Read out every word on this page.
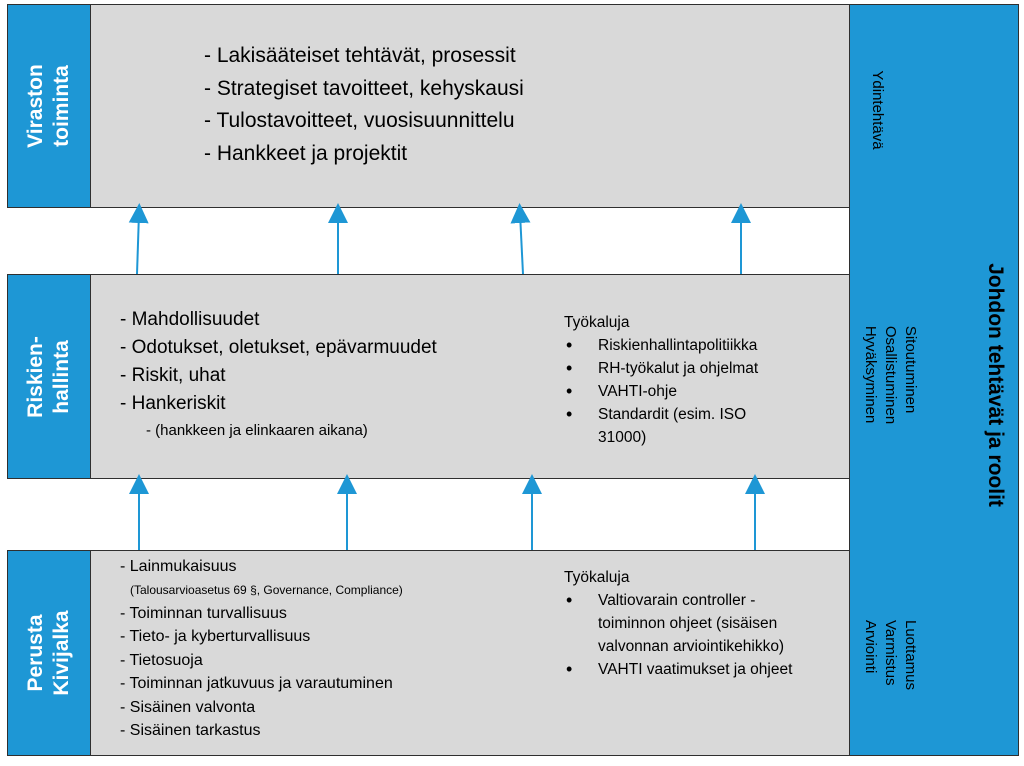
Johdon tehtävät ja roolit
Ydintehtävä
Sitoutuminen
Osallistuminen
Hyväksyminen
Luottamus
Varmistus
Arviointi
Viraston toiminta
- Lakisääteiset tehtävät, prosessit
- Strategiset tavoitteet, kehyskausi
- Tulostavoitteet, vuosisuunnittelu
- Hankkeet ja projektit
Riskien- hallinta
- Mahdollisuudet
- Odotukset, oletukset, epävarmuudet
- Riskit, uhat
- Hankeriskit
- (hankkeen ja elinkaaren aikana)
Työkaluja
• Riskienhallintapolitiikka
• RH-työkalut ja ohjelmat
• VAHTI-ohje
• Standardit (esim. ISO
31000)
Perusta Kivijalka
- Lainmukaisuus
(Talousarvioasetus 69 §, Governance, Compliance)
- Toiminnan turvallisuus
- Tieto- ja kyberturvallisuus
- Tietosuoja
- Toiminnan jatkuvuus ja varautuminen
- Sisäinen valvonta
- Sisäinen tarkastus
Työkaluja
• Valtiovarain controller -
toiminnon ohjeet (sisäisen
valvonnan arviointikehikko)
• VAHTI vaatimukset ja ohjeet
